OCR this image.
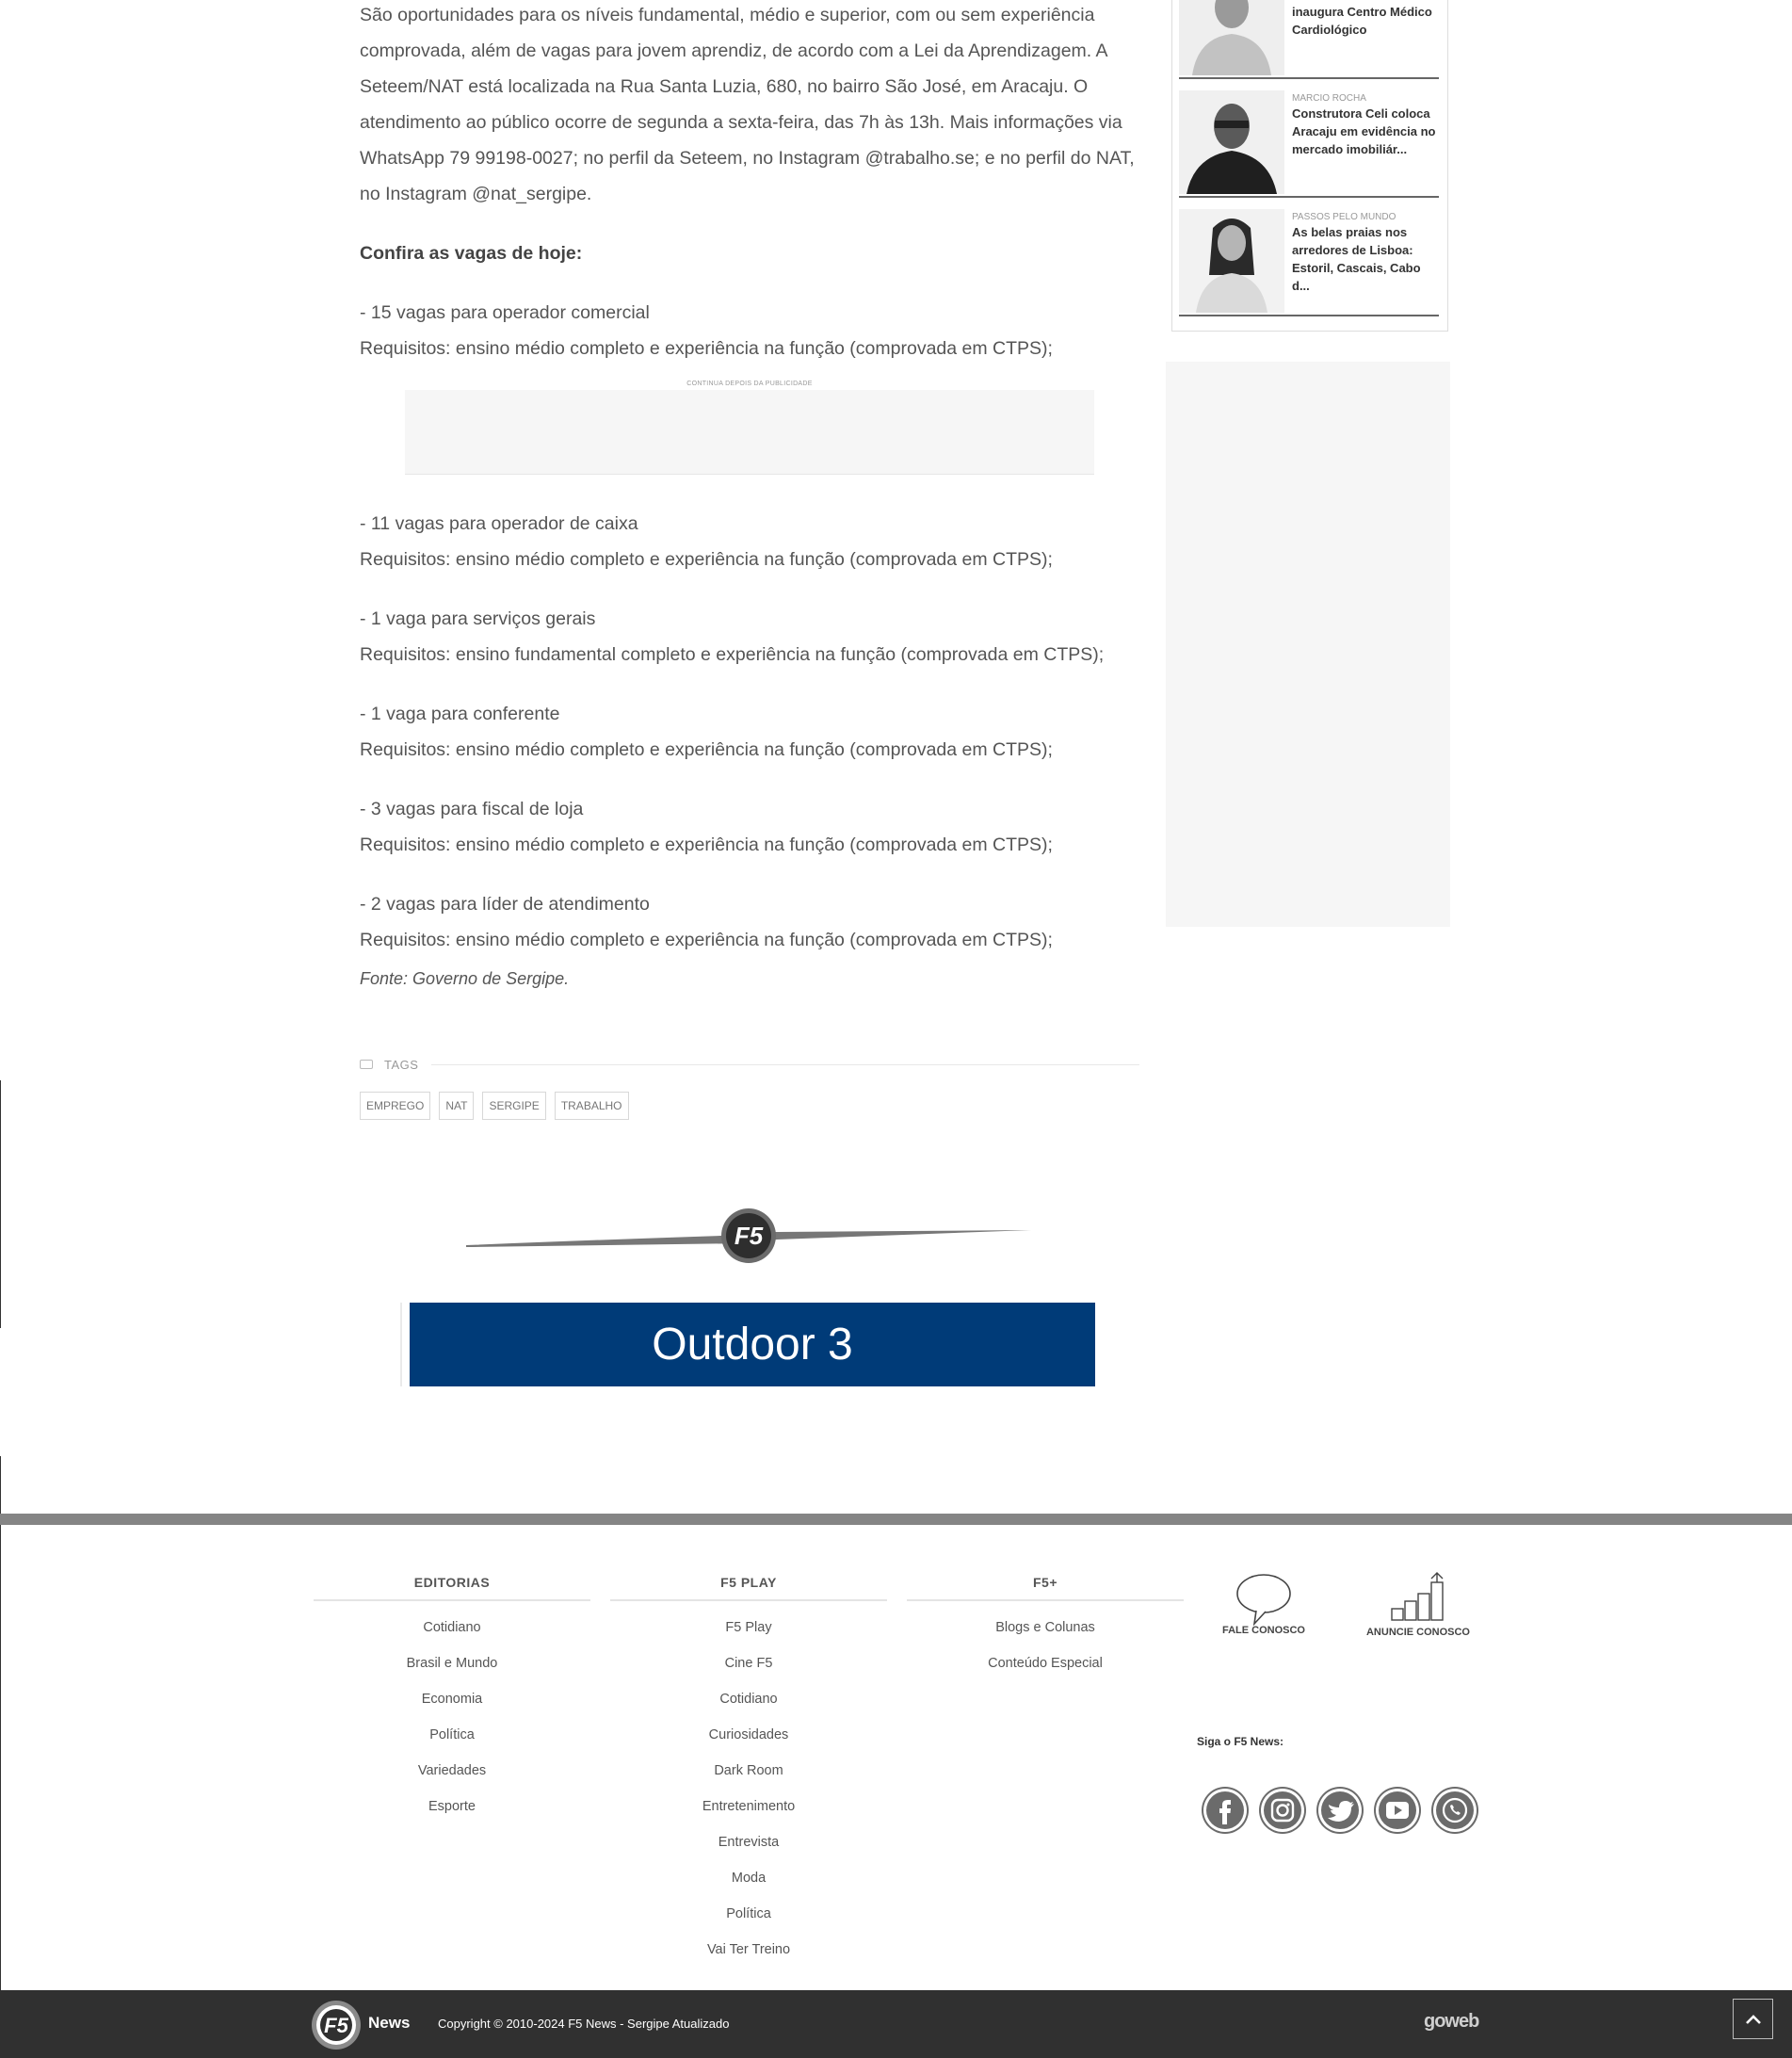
São oportunidades para os níveis fundamental, médio e superior, com ou sem experiência comprovada, além de vagas para jovem aprendiz, de acordo com a Lei da Aprendizagem. A Seteem/NAT está localizada na Rua Santa Luzia, 680, no bairro São José, em Aracaju. O atendimento ao público ocorre de segunda a sexta-feira, das 7h às 13h. Mais informações via WhatsApp 79 99198-0027; no perfil da Seteem, no Instagram @trabalho.se; e no perfil do NAT, no Instagram @nat_sergipe.

Confira as vagas de hoje:

- 15 vagas para operador comercial

Requisitos: ensino médio completo e experiência na função (comprovada em CTPS);

- 11 vagas para operador de caixa

Requisitos: ensino médio completo e experiência na função (comprovada em CTPS);

- 1 vaga para serviços gerais

Requisitos: ensino fundamental completo e experiência na função (comprovada em CTPS);

- 1 vaga para conferente

Requisitos: ensino médio completo e experiência na função (comprovada em CTPS);

- 3 vagas para fiscal de loja

Requisitos: ensino médio completo e experiência na função (comprovada em CTPS);

- 2 vagas para líder de atendimento

Requisitos: ensino médio completo e experiência na função (comprovada em CTPS);

Fonte: Governo de Sergipe.

CONTINUA DEPOIS DA PUBLICIDADE
TAGS
EMPREGO	NAT	SERGIPE	TRABALHO
F5
Outdoor 3

inaugura Centro Médico Cardiológico

MARCIO ROCHA

Construtora Celi coloca Aracaju em evidência no mercado imobiliár...

PASSOS PELO MUNDO

As belas praias nos arredores de Lisboa: Estoril, Cascais, Cabo d...

EDITORIAS
Cotidiano
Brasil e Mundo
Economia
Política
Variedades
Esporte
F5 PLAY
F5 Play
Cine F5
Cotidiano
Curiosidades
Dark Room
Entretenimento
Entrevista
Moda
Política
Vai Ter Treino
F5+
Blogs e Colunas
Conteúdo Especial
FALE CONOSCO	ANUNCIE CONOSCO
Siga o F5 News:
F5 News Copyright © 2010-2024 F5 News - Sergipe Atualizado	goweb
